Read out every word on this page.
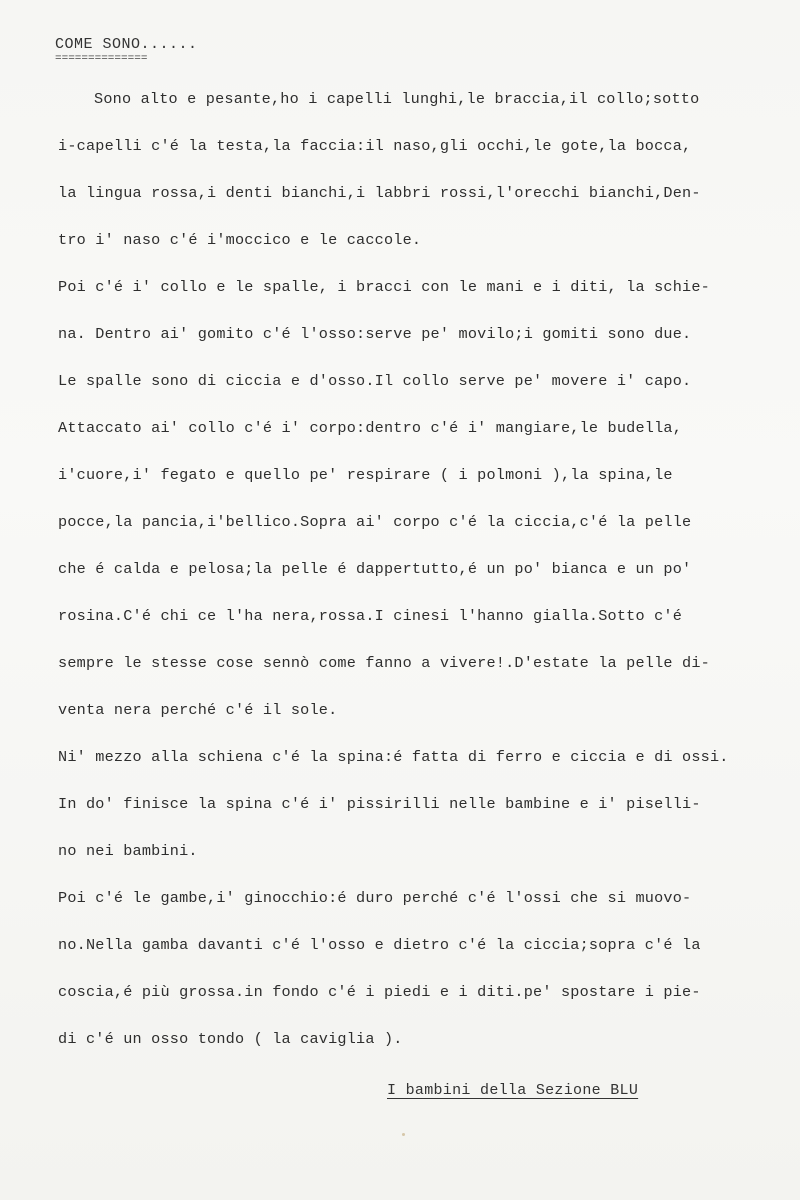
COME SONO......
==============
Sono alto e pesante,ho i capelli lunghi,le braccia,il collo;sotto
i-capelli c'é la testa,la faccia:il naso,gli occhi,le gote,la bocca,
la lingua rossa,i denti bianchi,i labbri rossi,l'orecchi bianchi,Den-
tro i' naso c'é i'moccico e le caccole.
Poi c'é i' collo e le spalle, i bracci con le mani e i diti, la schie-
na. Dentro ai' gomito c'é l'osso:serve pe' movilo;i gomiti sono due.
Le spalle sono di ciccia e d'osso.Il collo serve pe' movere i' capo.
Attaccato ai' collo c'é i' corpo:dentro c'é i' mangiare,le budella,
i'cuore,i' fegato e quello pe' respirare ( i polmoni ),la spina,le
pocce,la pancia,i'bellico.Sopra ai' corpo c'é la ciccia,c'é la pelle
che é calda e pelosa;la pelle é dappertutto,é un po' bianca e un po'
rosina.C'é chi ce l'ha nera,rossa.I cinesi l'hanno gialla.Sotto c'é
sempre le stesse cose sennò come fanno a vivere!.D'estate la pelle di-
venta nera perché c'é il sole.
Ni' mezzo alla schiena c'é la spina:é fatta di ferro e ciccia e di ossi.
In do' finisce la spina c'é i' pissirilli nelle bambine e i' piselli-
no nei bambini.
Poi c'é le gambe,i' ginocchio:é duro perché c'é l'ossi che si muovo-
no.Nella gamba davanti c'é l'osso e dietro c'é la ciccia;sopra c'é la
coscia,é più grossa.in fondo c'é i piedi e i diti.pe' spostare i pie-
di c'é un osso tondo ( la caviglia ).
I bambini della Sezione BLU
